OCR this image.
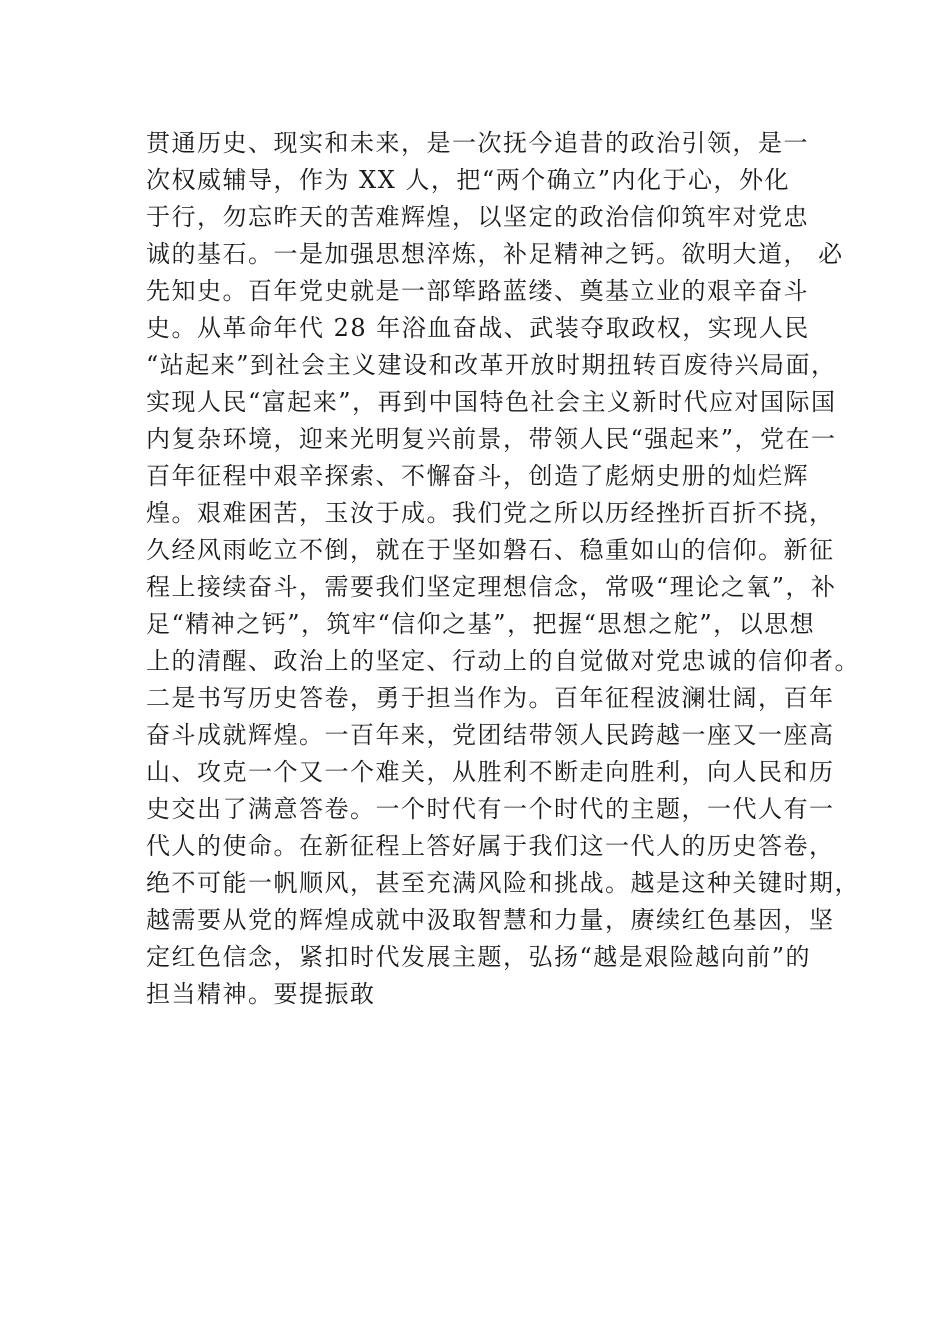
贯通历史、现实和未来，是一次抚今追昔的政治引领，是一
次权威辅导，作为 XX 人，把“两个确立”内化于心，外化
于行，勿忘昨天的苦难辉煌，以坚定的政治信仰筑牢对党忠
诚的基石。一是加强思想淬炼，补足精神之钙。欲明大道， 必
先知史。百年党史就是一部筚路蓝缕、奠基立业的艰辛奋斗
史。从革命年代 28 年浴血奋战、武装夺取政权，实现人民
“站起来”到社会主义建设和改革开放时期扭转百废待兴局面，
实现人民“富起来”，再到中国特色社会主义新时代应对国际国
内复杂环境，迎来光明复兴前景，带领人民“强起来”，党在一
百年征程中艰辛探索、不懈奋斗，创造了彪炳史册的灿烂辉
煌。艰难困苦，玉汝于成。我们党之所以历经挫折百折不挠，
久经风雨屹立不倒，就在于坚如磐石、稳重如山的信仰。新征
程上接续奋斗，需要我们坚定理想信念，常吸“理论之氧”，补
足“精神之钙”，筑牢“信仰之基”，把握“思想之舵”，以思想
上的清醒、政治上的坚定、行动上的自觉做对党忠诚的信仰者。
二是书写历史答卷，勇于担当作为。百年征程波澜壮阔，百年
奋斗成就辉煌。一百年来，党团结带领人民跨越一座又一座高
山、攻克一个又一个难关，从胜利不断走向胜利，向人民和历
史交出了满意答卷。一个时代有一个时代的主题，一代人有一
代人的使命。在新征程上答好属于我们这一代人的历史答卷，
绝不可能一帆顺风，甚至充满风险和挑战。越是这种关键时期，
越需要从党的辉煌成就中汲取智慧和力量，赓续红色基因，坚
定红色信念，紧扣时代发展主题，弘扬“越是艰险越向前”的
担当精神。要提振敢
